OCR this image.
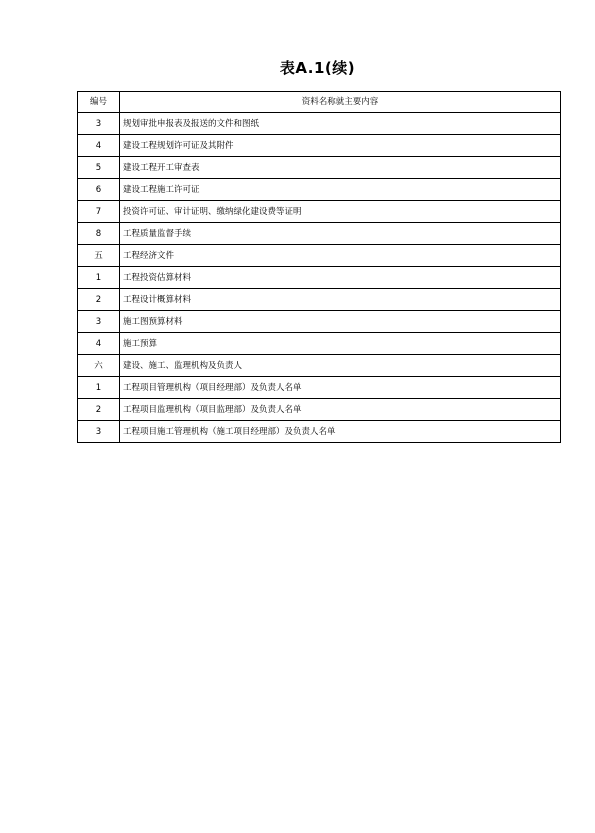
表A.1(续)
编号	资料名称就主要内容
3	规划审批申报表及报送的文件和图纸
4	建设工程规划许可证及其附件
5	建设工程开工审查表
6	建设工程施工许可证
7	投资许可证、审计证明、缴纳绿化建设费等证明
8	工程质量监督手续
五	工程经济文件
1	工程投资估算材料
2	工程设计概算材料
3	施工图预算材料
4	施工预算
六	建设、施工、监理机构及负责人
1	工程项目管理机构（项目经理部）及负责人名单
2	工程项目监理机构（项目监理部）及负责人名单
3	工程项目施工管理机构（施工项目经理部）及负责人名单
